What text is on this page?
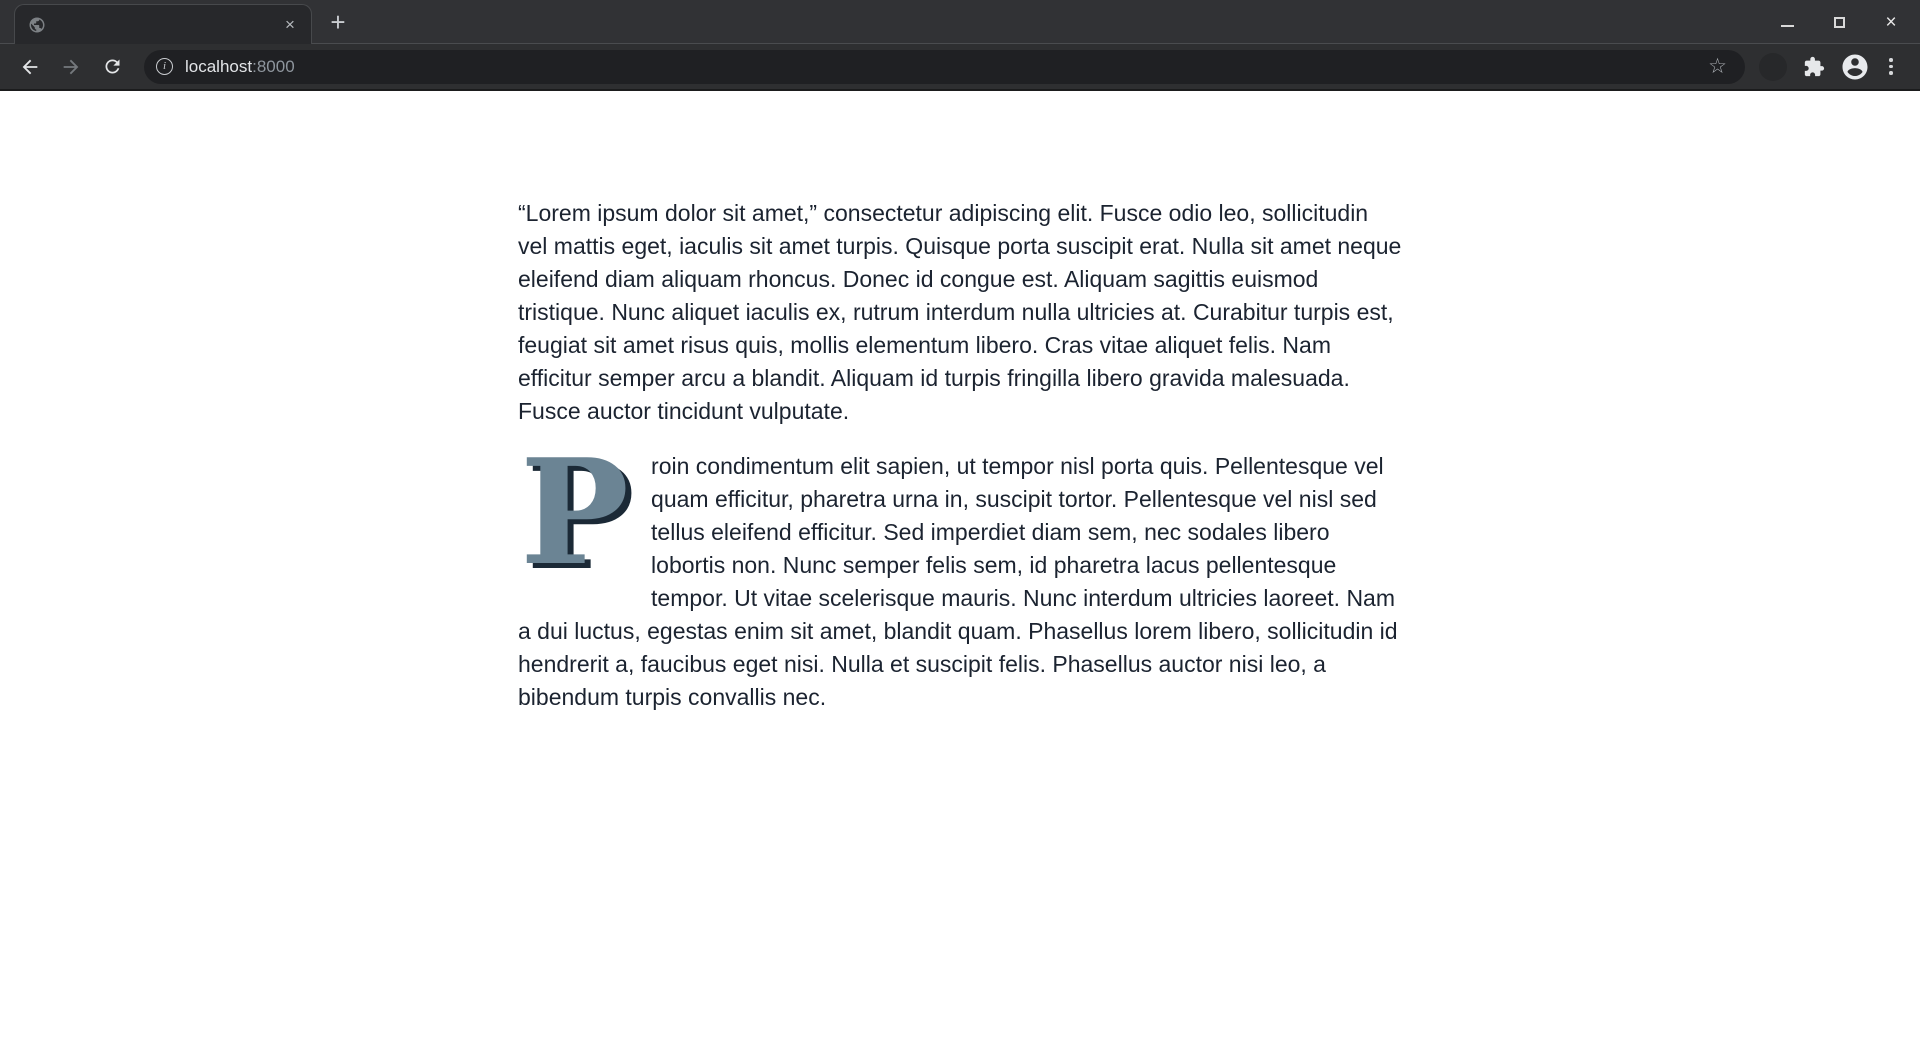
× +	×
i	localhost:8000	☆

“Lorem ipsum dolor sit amet,” consectetur adipiscing elit. Fusce odio leo, sollicitudin vel mattis eget, iaculis sit amet turpis. Quisque porta suscipit erat. Nulla sit amet neque eleifend diam aliquam rhoncus. Donec id congue est. Aliquam sagittis euismod tristique. Nunc aliquet iaculis ex, rutrum interdum nulla ultricies at. Curabitur turpis est, feugiat sit amet risus quis, mollis elementum libero. Cras vitae aliquet felis. Nam efficitur semper arcu a blandit. Aliquam id turpis fringilla libero gravida malesuada. Fusce auctor tincidunt vulputate.

Proin condimentum elit sapien, ut tempor nisl porta quis. Pellentesque vel quam efficitur, pharetra urna in, suscipit tortor. Pellentesque vel nisl sed tellus eleifend efficitur. Sed imperdiet diam sem, nec sodales libero lobortis non. Nunc semper felis sem, id pharetra lacus pellentesque tempor. Ut vitae scelerisque mauris. Nunc interdum ultricies laoreet. Nam a dui luctus, egestas enim sit amet, blandit quam. Phasellus lorem libero, sollicitudin id hendrerit a, faucibus eget nisi. Nulla et suscipit felis. Phasellus auctor nisi leo, a bibendum turpis convallis nec.
